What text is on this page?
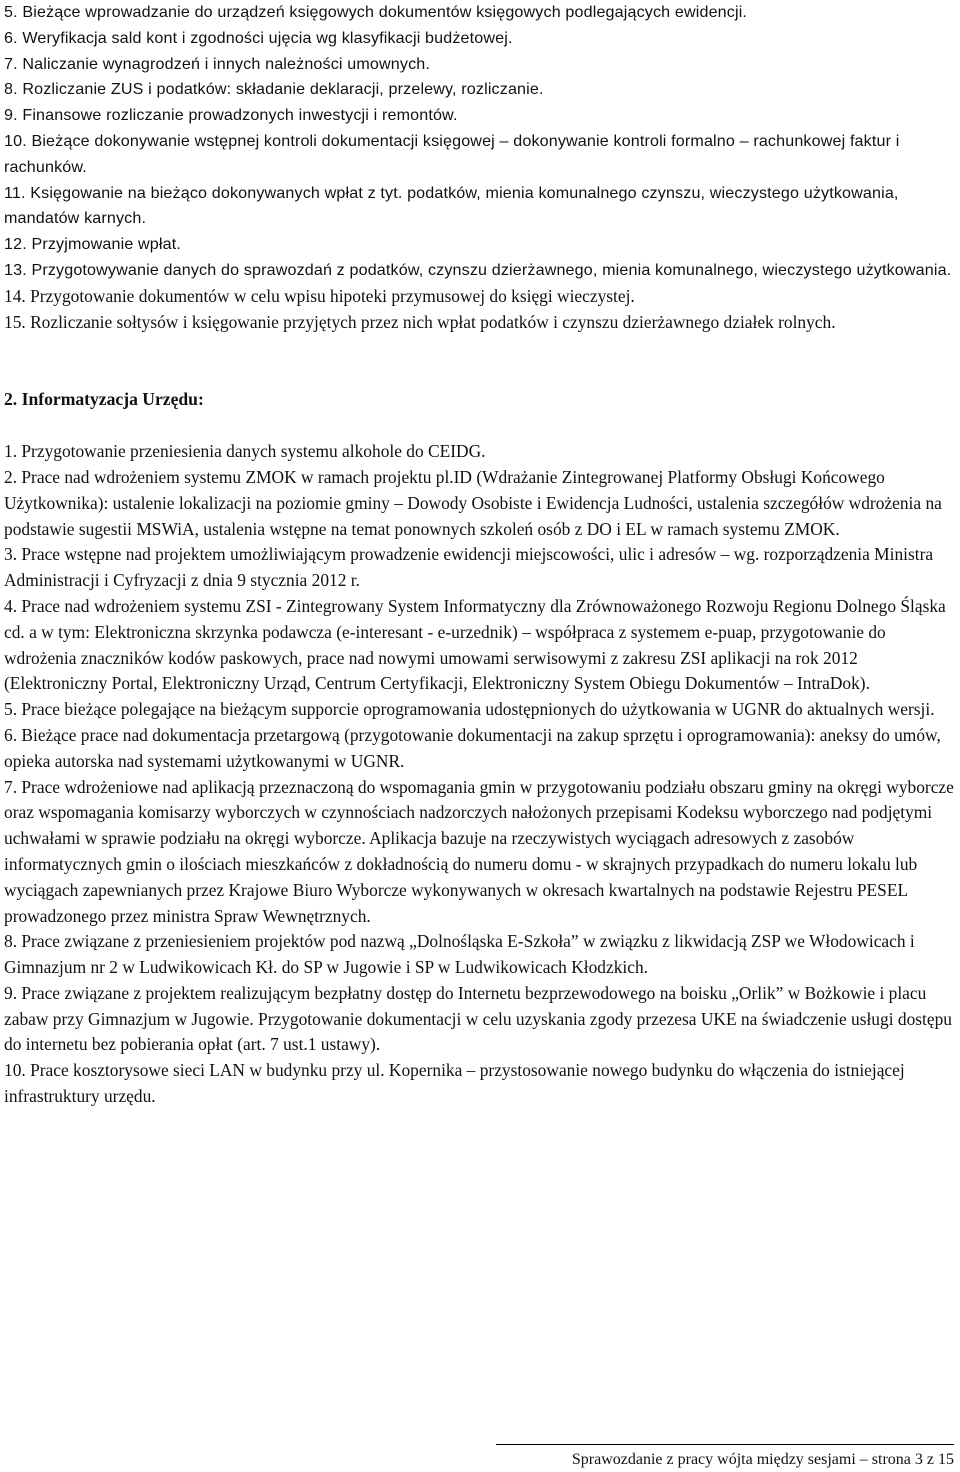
5. Bieżące wprowadzanie do urządzeń księgowych dokumentów księgowych podlegających ewidencji.

6. Weryfikacja sald kont i zgodności ujęcia wg klasyfikacji budżetowej.

7. Naliczanie wynagrodzeń i innych należności umownych.

8. Rozliczanie ZUS i podatków: składanie deklaracji, przelewy, rozliczanie.

9. Finansowe rozliczanie prowadzonych inwestycji i remontów.

10. Bieżące dokonywanie wstępnej kontroli dokumentacji księgowej – dokonywanie kontroli formalno – rachunkowej faktur i rachunków.

11. Księgowanie na bieżąco dokonywanych wpłat z tyt. podatków, mienia komunalnego czynszu, wieczystego użytkowania, mandatów karnych.

12. Przyjmowanie wpłat.

13. Przygotowywanie danych do sprawozdań z podatków, czynszu dzierżawnego, mienia komunalnego, wieczystego użytkowania.

14. Przygotowanie dokumentów w celu wpisu hipoteki przymusowej do księgi wieczystej.

15. Rozliczanie sołtysów i księgowanie przyjętych przez nich wpłat podatków i czynszu dzierżawnego działek rolnych.

2. Informatyzacja Urzędu:

1. Przygotowanie przeniesienia danych systemu alkohole do CEIDG.

2. Prace nad wdrożeniem systemu ZMOK w ramach projektu pl.ID (Wdrażanie Zintegrowanej Platformy Obsługi Końcowego Użytkownika): ustalenie lokalizacji na poziomie gminy – Dowody Osobiste i Ewidencja Ludności, ustalenia szczegółów wdrożenia na podstawie sugestii MSWiA, ustalenia wstępne na temat ponownych szkoleń osób z DO i EL w ramach systemu ZMOK.

3. Prace wstępne nad projektem umożliwiającym prowadzenie ewidencji miejscowości, ulic i adresów – wg. rozporządzenia Ministra Administracji i Cyfryzacji z dnia 9 stycznia 2012 r.

4. Prace nad wdrożeniem systemu ZSI - Zintegrowany System Informatyczny dla Zrównoważonego Rozwoju Regionu Dolnego Śląska cd. a w tym: Elektroniczna skrzynka podawcza (e-interesant - e-urzednik) – współpraca z systemem e-puap, przygotowanie do wdrożenia znaczników kodów paskowych, prace nad nowymi umowami serwisowymi z zakresu ZSI aplikacji na rok 2012 (Elektroniczny Portal, Elektroniczny Urząd, Centrum Certyfikacji, Elektroniczny System Obiegu Dokumentów – IntraDok).

5. Prace bieżące polegające na bieżącym supporcie oprogramowania udostępnionych do użytkowania w UGNR do aktualnych wersji.

6. Bieżące prace nad dokumentacja przetargową (przygotowanie dokumentacji na zakup sprzętu i oprogramowania): aneksy do umów, opieka autorska nad systemami użytkowanymi w UGNR.

7. Prace wdrożeniowe nad aplikacją przeznaczoną do wspomagania gmin w przygotowaniu podziału obszaru gminy na okręgi wyborcze oraz wspomagania komisarzy wyborczych w czynnościach nadzorczych nałożonych przepisami Kodeksu wyborczego nad podjętymi uchwałami w sprawie podziału na okręgi wyborcze. Aplikacja bazuje na rzeczywistych wyciągach adresowych z zasobów informatycznych gmin o ilościach mieszkańców z dokładnością do numeru domu - w skrajnych przypadkach do numeru lokalu lub wyciągach zapewnianych przez Krajowe Biuro Wyborcze wykonywanych w okresach kwartalnych na podstawie Rejestru PESEL prowadzonego przez ministra Spraw Wewnętrznych.

8. Prace związane z przeniesieniem projektów pod nazwą „Dolnośląska E-Szkoła” w związku z likwidacją ZSP we Włodowicach i Gimnazjum nr 2 w Ludwikowicach Kł. do SP w Jugowie i SP w Ludwikowicach Kłodzkich.

9. Prace związane z projektem realizującym bezpłatny dostęp do Internetu bezprzewodowego na boisku „Orlik” w Bożkowie i placu zabaw przy Gimnazjum w Jugowie. Przygotowanie dokumentacji w celu uzyskania zgody przezesa UKE na świadczenie usługi dostępu do internetu bez pobierania opłat (art. 7 ust.1 ustawy).

10. Prace kosztorysowe sieci LAN w budynku przy ul. Kopernika – przystosowanie nowego budynku do włączenia do istniejącej infrastruktury urzędu.

Sprawozdanie z pracy wójta między sesjami – strona 3 z 15
